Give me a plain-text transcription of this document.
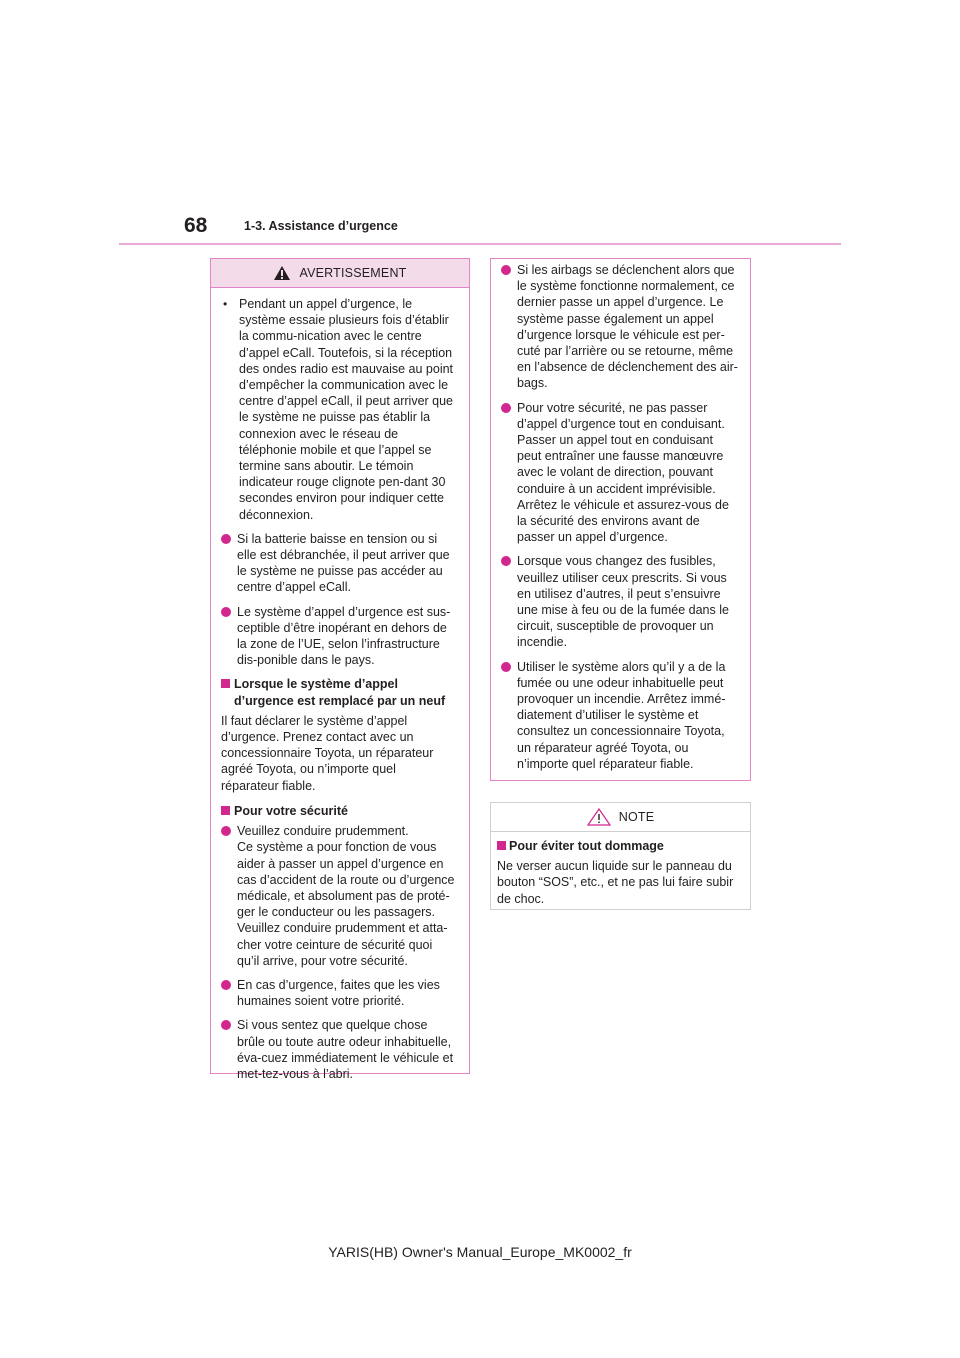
68	1-3. Assistance d’urgence
AVERTISSEMENT
• Pendant un appel d’urgence, le système essaie plusieurs fois d’établir la commu-nication avec le centre d’appel eCall. Toutefois, si la réception des ondes radio est mauvaise au point d’empêcher la communication avec le centre d’appel eCall, il peut arriver que le système ne puisse pas établir la connexion avec le réseau de téléphonie mobile et que l’appel se termine sans aboutir. Le témoin indicateur rouge clignote pen-dant 30 secondes environ pour indiquer cette déconnexion.
Si la batterie baisse en tension ou si elle est débranchée, il peut arriver que le système ne puisse pas accéder au centre d’appel eCall.
Le système d’appel d’urgence est sus-ceptible d’être inopérant en dehors de la zone de l’UE, selon l’infrastructure dis-ponible dans le pays.
Lorsque le système d’appel d’urgence est remplacé par un neuf
Il faut déclarer le système d’appel d’urgence. Prenez contact avec un concessionnaire Toyota, un réparateur agréé Toyota, ou n’importe quel réparateur fiable.
Pour votre sécurité
Veuillez conduire prudemment.
Ce système a pour fonction de vous aider à passer un appel d’urgence en cas d’accident de la route ou d’urgence médicale, et absolument pas de proté-ger le conducteur ou les passagers. Veuillez conduire prudemment et atta-cher votre ceinture de sécurité quoi qu’il arrive, pour votre sécurité.
En cas d’urgence, faites que les vies humaines soient votre priorité.
Si vous sentez que quelque chose brûle ou toute autre odeur inhabituelle, éva-cuez immédiatement le véhicule et met-tez-vous à l’abri.
Si les airbags se déclenchent alors que le système fonctionne normalement, ce dernier passe un appel d’urgence. Le système passe également un appel d’urgence lorsque le véhicule est per-cuté par l’arrière ou se retourne, même en l’absence de déclenchement des air-bags.
Pour votre sécurité, ne pas passer d’appel d’urgence tout en conduisant. Passer un appel tout en conduisant peut entraîner une fausse manœuvre avec le volant de direction, pouvant conduire à un accident imprévisible.
Arrêtez le véhicule et assurez-vous de la sécurité des environs avant de passer un appel d’urgence.
Lorsque vous changez des fusibles, veuillez utiliser ceux prescrits. Si vous en utilisez d’autres, il peut s’ensuivre une mise à feu ou de la fumée dans le circuit, susceptible de provoquer un incendie.
Utiliser le système alors qu’il y a de la fumée ou une odeur inhabituelle peut provoquer un incendie. Arrêtez immé-diatement d’utiliser le système et consultez un concessionnaire Toyota, un réparateur agréé Toyota, ou n’importe quel réparateur fiable.
NOTE
Pour éviter tout dommage
Ne verser aucun liquide sur le panneau du bouton “SOS”, etc., et ne pas lui faire subir de choc.
YARIS(HB) Owner's Manual_Europe_MK0002_fr
